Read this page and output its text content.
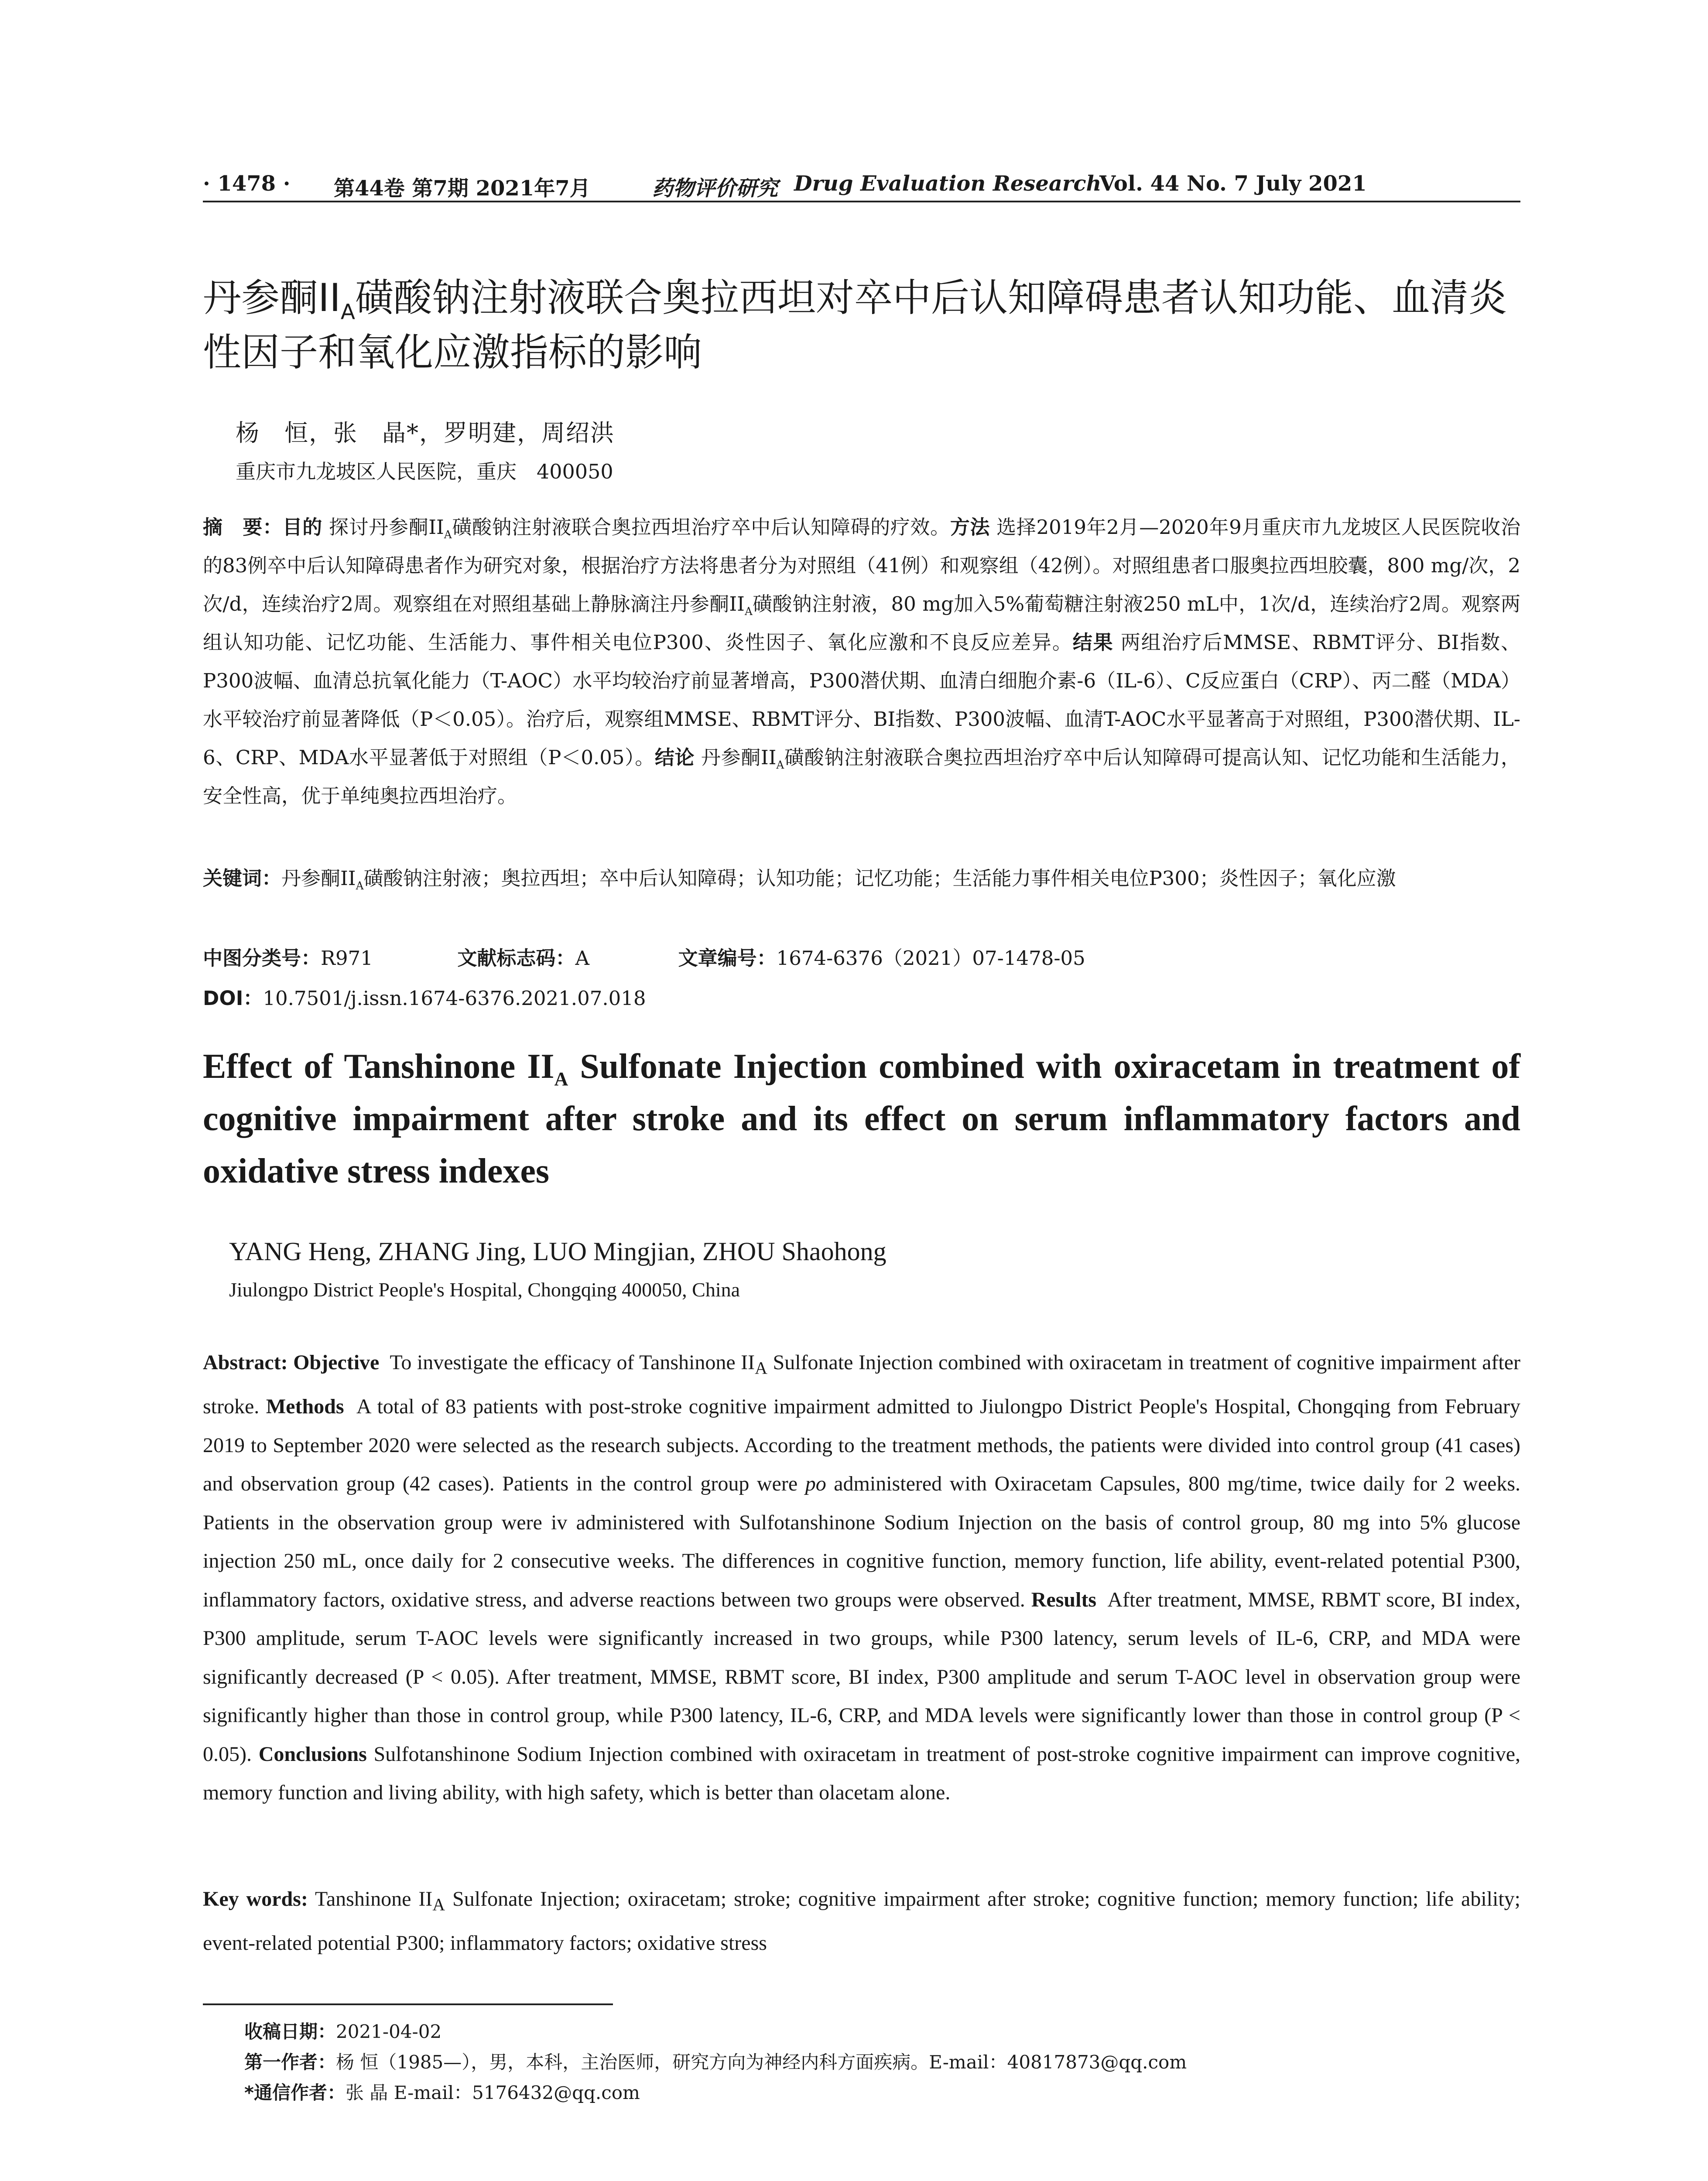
· 1478 · 第44卷 第7期 2021年7月	药物评价研究 Drug Evaluation Research
Vol. 44 No. 7 July 2021
丹参酮$II_A$磺酸钠注射液联合奥拉西坦对卒中后认知障碍患者认知功能、血清炎性因子和氧化应激指标的影响
杨　恒，张　晶*，罗明建，周绍洪
重庆市九龙坡区人民医院，重庆　400050
摘　要：目的 探讨丹参酮$II_A$磺酸钠注射液联合奥拉西坦治疗卒中后认知障碍的疗效。方法 选择2019年2月—2020年9月重庆市九龙坡区人民医院收治的83例卒中后认知障碍患者作为研究对象，根据治疗方法将患者分为对照组（41例）和观察组（42例）。对照组患者口服奥拉西坦胶囊，800 mg/次，2次/d，连续治疗2周。观察组在对照组基础上静脉滴注丹参酮$II_A$磺酸钠注射液，80 mg加入5%葡萄糖注射液250 mL中，1次/d，连续治疗2周。观察两组认知功能、记忆功能、生活能力、事件相关电位P300、炎性因子、氧化应激和不良反应差异。结果 两组治疗后MMSE、RBMT评分、BI指数、P300波幅、血清总抗氧化能力（T-AOC）水平均较治疗前显著增高，P300潜伏期、血清白细胞介素-6（IL-6）、C反应蛋白（CRP）、丙二醛（MDA）水平较治疗前显著降低（P＜0.05）。治疗后，观察组MMSE、RBMT评分、BI指数、P300波幅、血清T-AOC水平显著高于对照组，P300潜伏期、IL-6、CRP、MDA水平显著低于对照组（P＜0.05）。结论 丹参酮$II_A$磺酸钠注射液联合奥拉西坦治疗卒中后认知障碍可提高认知、记忆功能和生活能力，安全性高，优于单纯奥拉西坦治疗。
关键词：丹参酮$II_A$磺酸钠注射液；奥拉西坦；卒中后认知障碍；认知功能；记忆功能；生活能力事件相关电位P300；炎性因子；氧化应激
中图分类号：R971	文献标志码：A	文章编号：1674-6376（2021）07-1478-05
DOI：10.7501/j.issn.1674-6376.2021.07.018
Effect of Tanshinone $II_A$ Sulfonate Injection combined with oxiracetam in treatment of cognitive impairment after stroke and its effect on serum inflammatory factors and oxidative stress indexes
YANG Heng, ZHANG Jing, LUO Mingjian, ZHOU Shaohong
Jiulongpo District People's Hospital, Chongqing 400050, China
Abstract: Objective To investigate the efficacy of Tanshinone $II_A$ Sulfonate Injection combined with oxiracetam in treatment of cognitive impairment after stroke. Methods A total of 83 patients with post-stroke cognitive impairment admitted to Jiulongpo District People's Hospital, Chongqing from February 2019 to September 2020 were selected as the research subjects. According to the treatment methods, the patients were divided into control group (41 cases) and observation group (42 cases). Patients in the control group were po administered with Oxiracetam Capsules, 800 mg/time, twice daily for 2 weeks. Patients in the observation group were iv administered with Sulfotanshinone Sodium Injection on the basis of control group, 80 mg into 5% glucose injection 250 mL, once daily for 2 consecutive weeks. The differences in cognitive function, memory function, life ability, event-related potential P300, inflammatory factors, oxidative stress, and adverse reactions between two groups were observed. Results After treatment, MMSE, RBMT score, BI index, P300 amplitude, serum T-AOC levels were significantly increased in two groups, while P300 latency, serum levels of IL-6, CRP, and MDA were significantly decreased (P < 0.05). After treatment, MMSE, RBMT score, BI index, P300 amplitude and serum T-AOC level in observation group were significantly higher than those in control group, while P300 latency, IL-6, CRP, and MDA levels were significantly lower than those in control group (P < 0.05). Conclusions Sulfotanshinone Sodium Injection combined with oxiracetam in treatment of post-stroke cognitive impairment can improve cognitive, memory function and living ability, with high safety, which is better than olacetam alone.
Key words: Tanshinone $II_A$ Sulfonate Injection; oxiracetam; stroke; cognitive impairment after stroke; cognitive function; memory function; life ability; event-related potential P300; inflammatory factors; oxidative stress
收稿日期：2021-04-02
第一作者：杨 恒（1985—），男，本科，主治医师，研究方向为神经内科方面疾病。E-mail：40817873@qq.com
*通信作者：张 晶 E-mail：5176432@qq.com
